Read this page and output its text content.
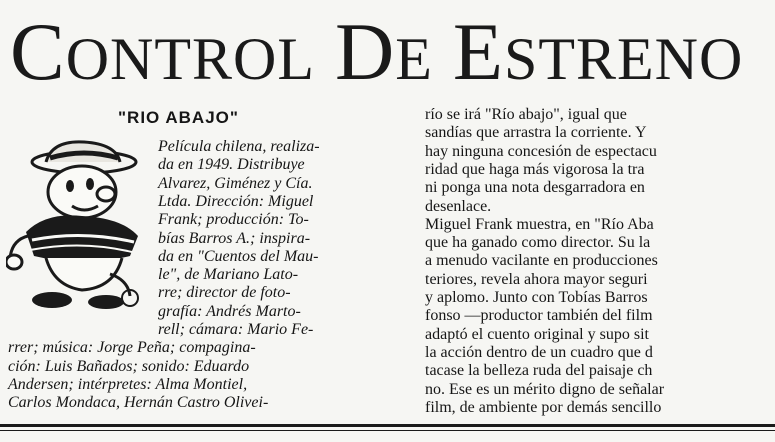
CONTROL DE ESTRENO
"RIO ABAJO"
Película chilena, realiza-
da en 1949. Distribuye
Alvarez, Giménez y Cía.
Ltda. Dirección: Miguel
Frank; producción: To-
bías Barros A.; inspira-
da en "Cuentos del Mau-
le", de Mariano Lato-
rre; director de foto-
grafía: Andrés Marto-
rell; cámara: Mario Fe-
rrer; música: Jorge Peña; compagina-
ción: Luis Bañados; sonido: Eduardo
Andersen; intérpretes: Alma Montiel,
Carlos Mondaca, Hernán Castro Olivei-
río se irá "Río abajo", igual que
sandías que arrastra la corriente. Y
hay ninguna concesión de espectacu
ridad que haga más vigorosa la tra
ni ponga una nota desgarradora en
desenlace.
Miguel Frank muestra, en "Río Aba
que ha ganado como director. Su la
a menudo vacilante en producciones
teriores, revela ahora mayor seguri
y aplomo. Junto con Tobías Barros
fonso —productor también del film
adaptó el cuento original y supo sit
la acción dentro de un cuadro que d
tacase la belleza ruda del paisaje ch
no. Ese es un mérito digno de señalar
film, de ambiente por demás sencillo
